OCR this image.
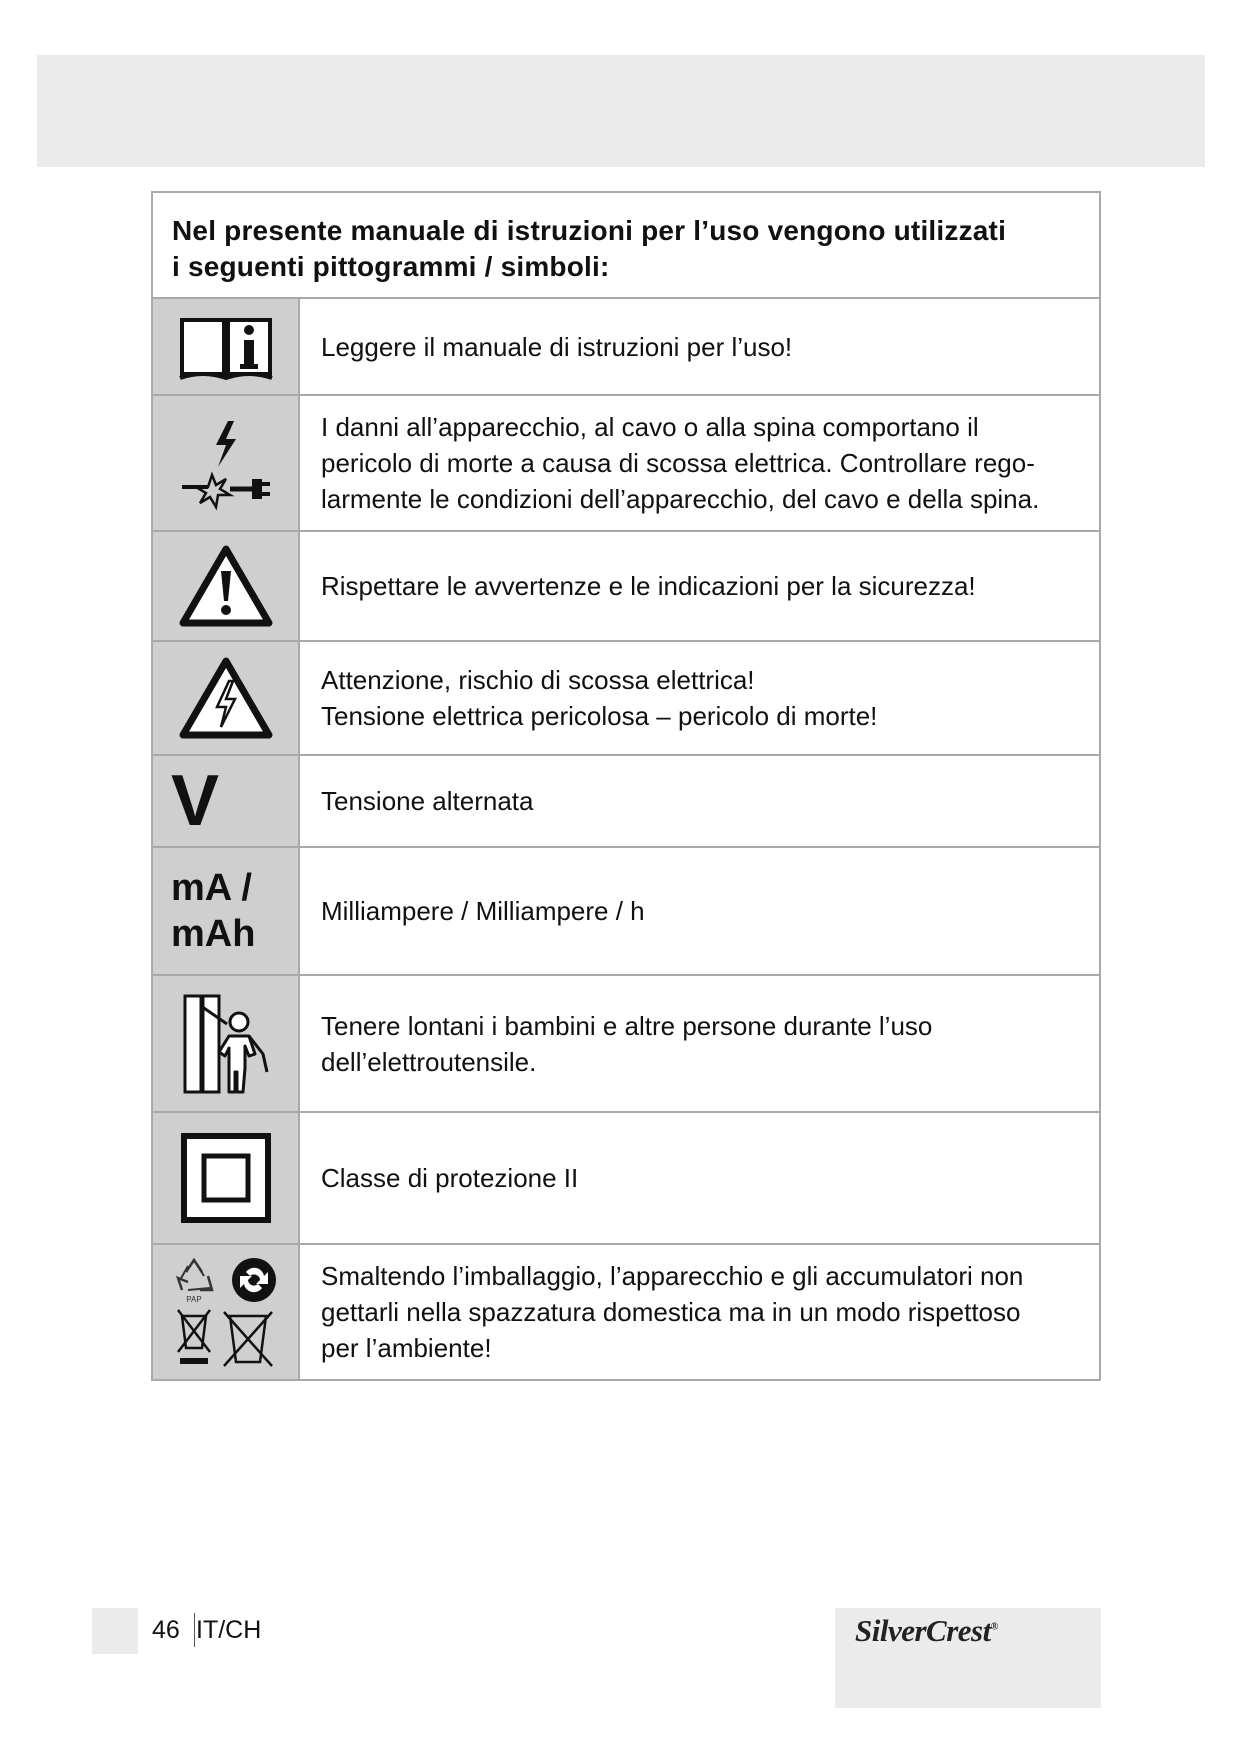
Nel presente manuale di istruzioni per l’uso vengono utilizzati
i seguenti pittogrammi / simboli:
Leggere il manuale di istruzioni per l’uso!
I danni all’apparecchio, al cavo o alla spina comportano il
pericolo di morte a causa di scossa elettrica. Controllare rego-
larmente le condizioni dell’apparecchio, del cavo e della spina.
Rispettare le avvertenze e le indicazioni per la sicurezza!
Attenzione, rischio di scossa elettrica!
Tensione elettrica pericolosa – pericolo di morte!
V	Tensione alternata
mA /
mAh
Milliampere / Milliampere / h
Tenere lontani i bambini e altre persone durante l’uso
dell’elettroutensile.
Classe di protezione II
PAP
Smaltendo l’imballaggio, l’apparecchio e gli accumulatori non
gettarli nella spazzatura domestica ma in un modo rispettoso
per l’ambiente!
46 IT/CH	SilverCrest®
